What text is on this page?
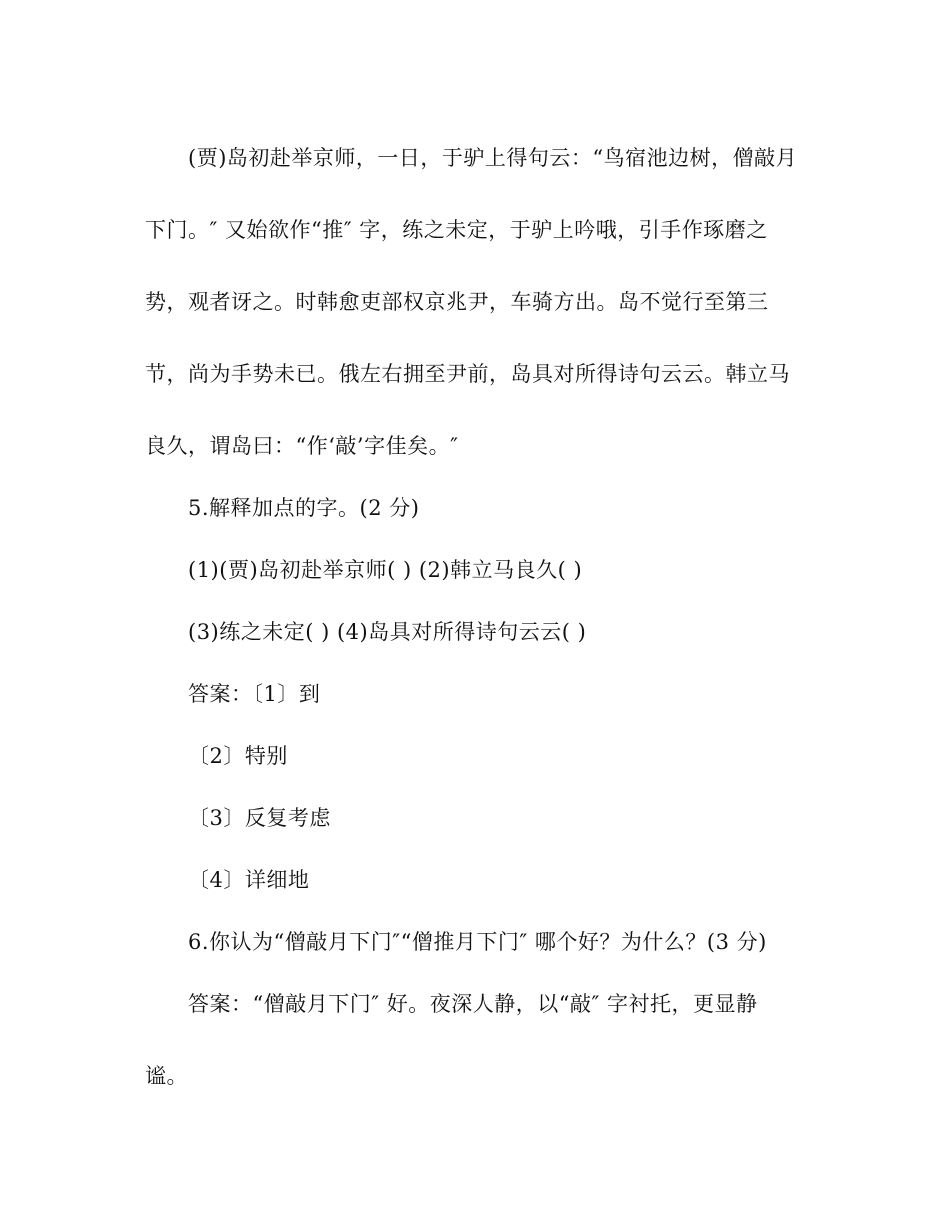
(贾)岛初赴举京师，一日，于驴上得句云：“鸟宿池边树，僧敲月
下门。″ 又始欲作“推″ 字，练之未定，于驴上吟哦，引手作琢磨之
势，观者讶之。时韩愈吏部权京兆尹，车骑方出。岛不觉行至第三
节，尚为手势未已。俄左右拥至尹前，岛具对所得诗句云云。韩立马
良久，谓岛曰：“作‘敲’字佳矣。″
5.解释加点的字。(2 分)
(1)(贾)岛初赴举京师( ) (2)韩立马良久( )
(3)练之未定( ) (4)岛具对所得诗句云云( )
答案：〔1〕到
〔2〕特别
〔3〕反复考虑
〔4〕详细地
6.你认为“僧敲月下门″“僧推月下门″ 哪个好？为什么？(3 分)
答案：“僧敲月下门″ 好。夜深人静，以“敲″ 字衬托，更显静
谧。
